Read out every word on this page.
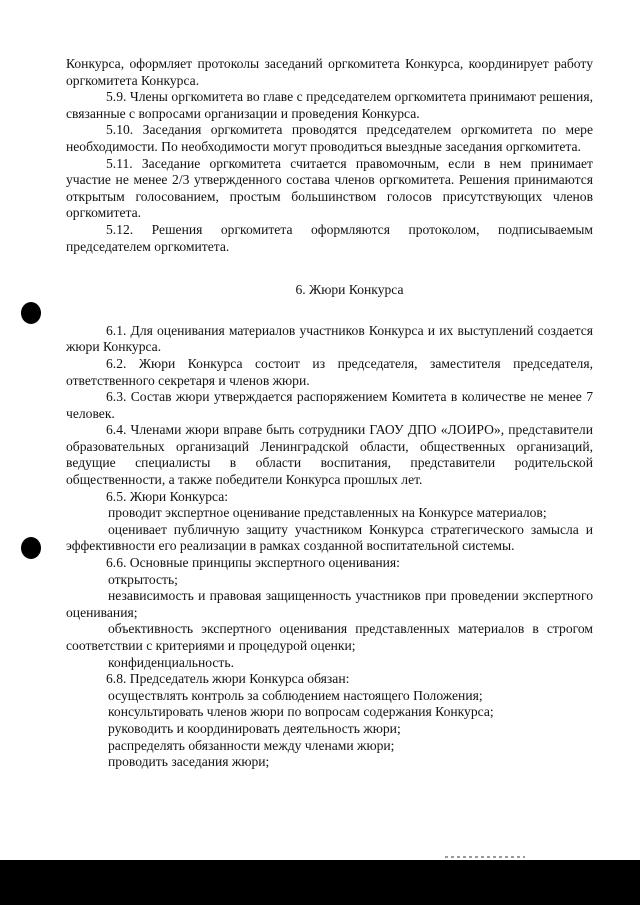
Конкурса, оформляет протоколы заседаний оргкомитета Конкурса, координирует работу оргкомитета Конкурса.

5.9. Члены оргкомитета во главе с председателем оргкомитета принимают решения, связанные с вопросами организации и проведения Конкурса.

5.10. Заседания оргкомитета проводятся председателем оргкомитета по мере необходимости. По необходимости могут проводиться выездные заседания оргкомитета.

5.11. Заседание оргкомитета считается правомочным, если в нем принимает участие не менее 2/3 утвержденного состава членов оргкомитета. Решения принимаются открытым голосованием, простым большинством голосов присутствующих членов оргкомитета.

5.12. Решения оргкомитета оформляются протоколом, подписываемым председателем оргкомитета.

6. Жюри Конкурса

6.1. Для оценивания материалов участников Конкурса и их выступлений создается жюри Конкурса.

6.2. Жюри Конкурса состоит из председателя, заместителя председателя, ответственного секретаря и членов жюри.

6.3. Состав жюри утверждается распоряжением Комитета в количестве не менее 7 человек.

6.4. Членами жюри вправе быть сотрудники ГАОУ ДПО «ЛОИРО», представители образовательных организаций Ленинградской области, общественных организаций, ведущие специалисты в области воспитания, представители родительской общественности, а также победители Конкурса прошлых лет.

6.5. Жюри Конкурса:

проводит экспертное оценивание представленных на Конкурсе материалов;

оценивает публичную защиту участником Конкурса стратегического замысла и эффективности его реализации в рамках созданной воспитательной системы.

6.6. Основные принципы экспертного оценивания:

открытость;

независимость и правовая защищенность участников при проведении экспертного оценивания;

объективность экспертного оценивания представленных материалов в строгом соответствии с критериями и процедурой оценки;

конфиденциальность.

6.8. Председатель жюри Конкурса обязан:

осуществлять контроль за соблюдением настоящего Положения;

консультировать членов жюри по вопросам содержания Конкурса;

руководить и координировать деятельность жюри;

распределять обязанности между членами жюри;

проводить заседания жюри;
